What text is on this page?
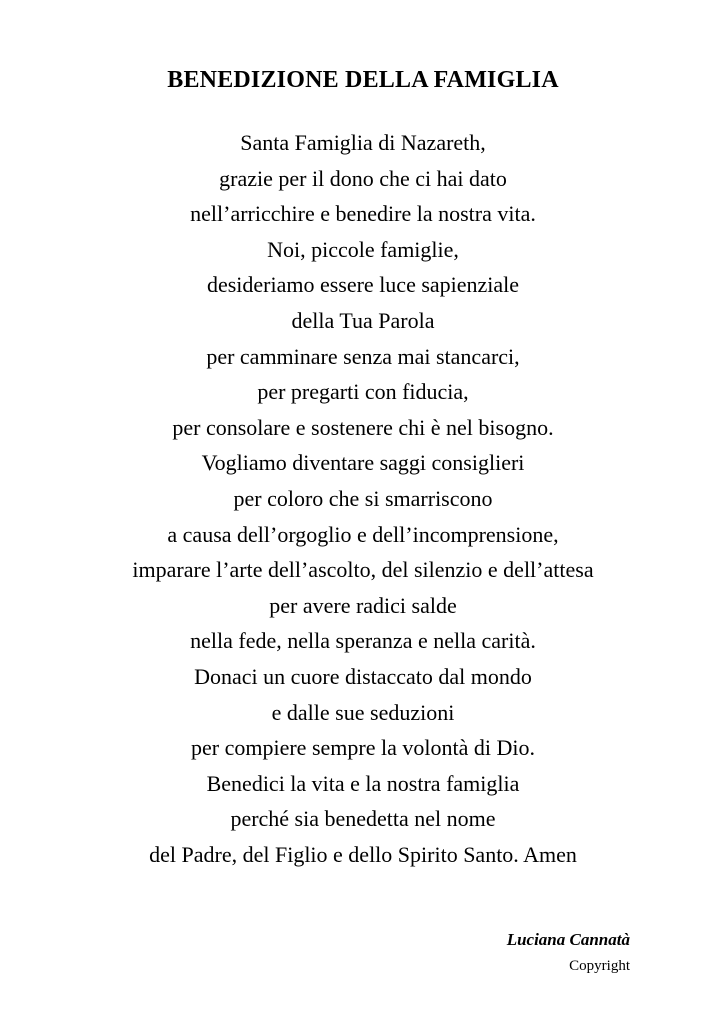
BENEDIZIONE DELLA FAMIGLIA
Santa Famiglia di Nazareth,
grazie per il dono che ci hai dato
nell’arricchire e benedire la nostra vita.
Noi, piccole famiglie,
desideriamo essere luce sapienziale
della Tua Parola
per camminare senza mai stancarci,
per pregarti con fiducia,
per consolare e sostenere chi è nel bisogno.
Vogliamo diventare saggi consiglieri
per coloro che si smarriscono
a causa dell’orgoglio e dell’incomprensione,
imparare l’arte dell’ascolto, del silenzio e dell’attesa
per avere radici salde
nella fede, nella speranza e nella carità.
Donaci un cuore distaccato dal mondo
e dalle sue seduzioni
per compiere sempre la volontà di Dio.
Benedici la vita e la nostra famiglia
perché sia benedetta nel nome
del Padre, del Figlio e dello Spirito Santo. Amen
Luciana Cannatà
Copyright
